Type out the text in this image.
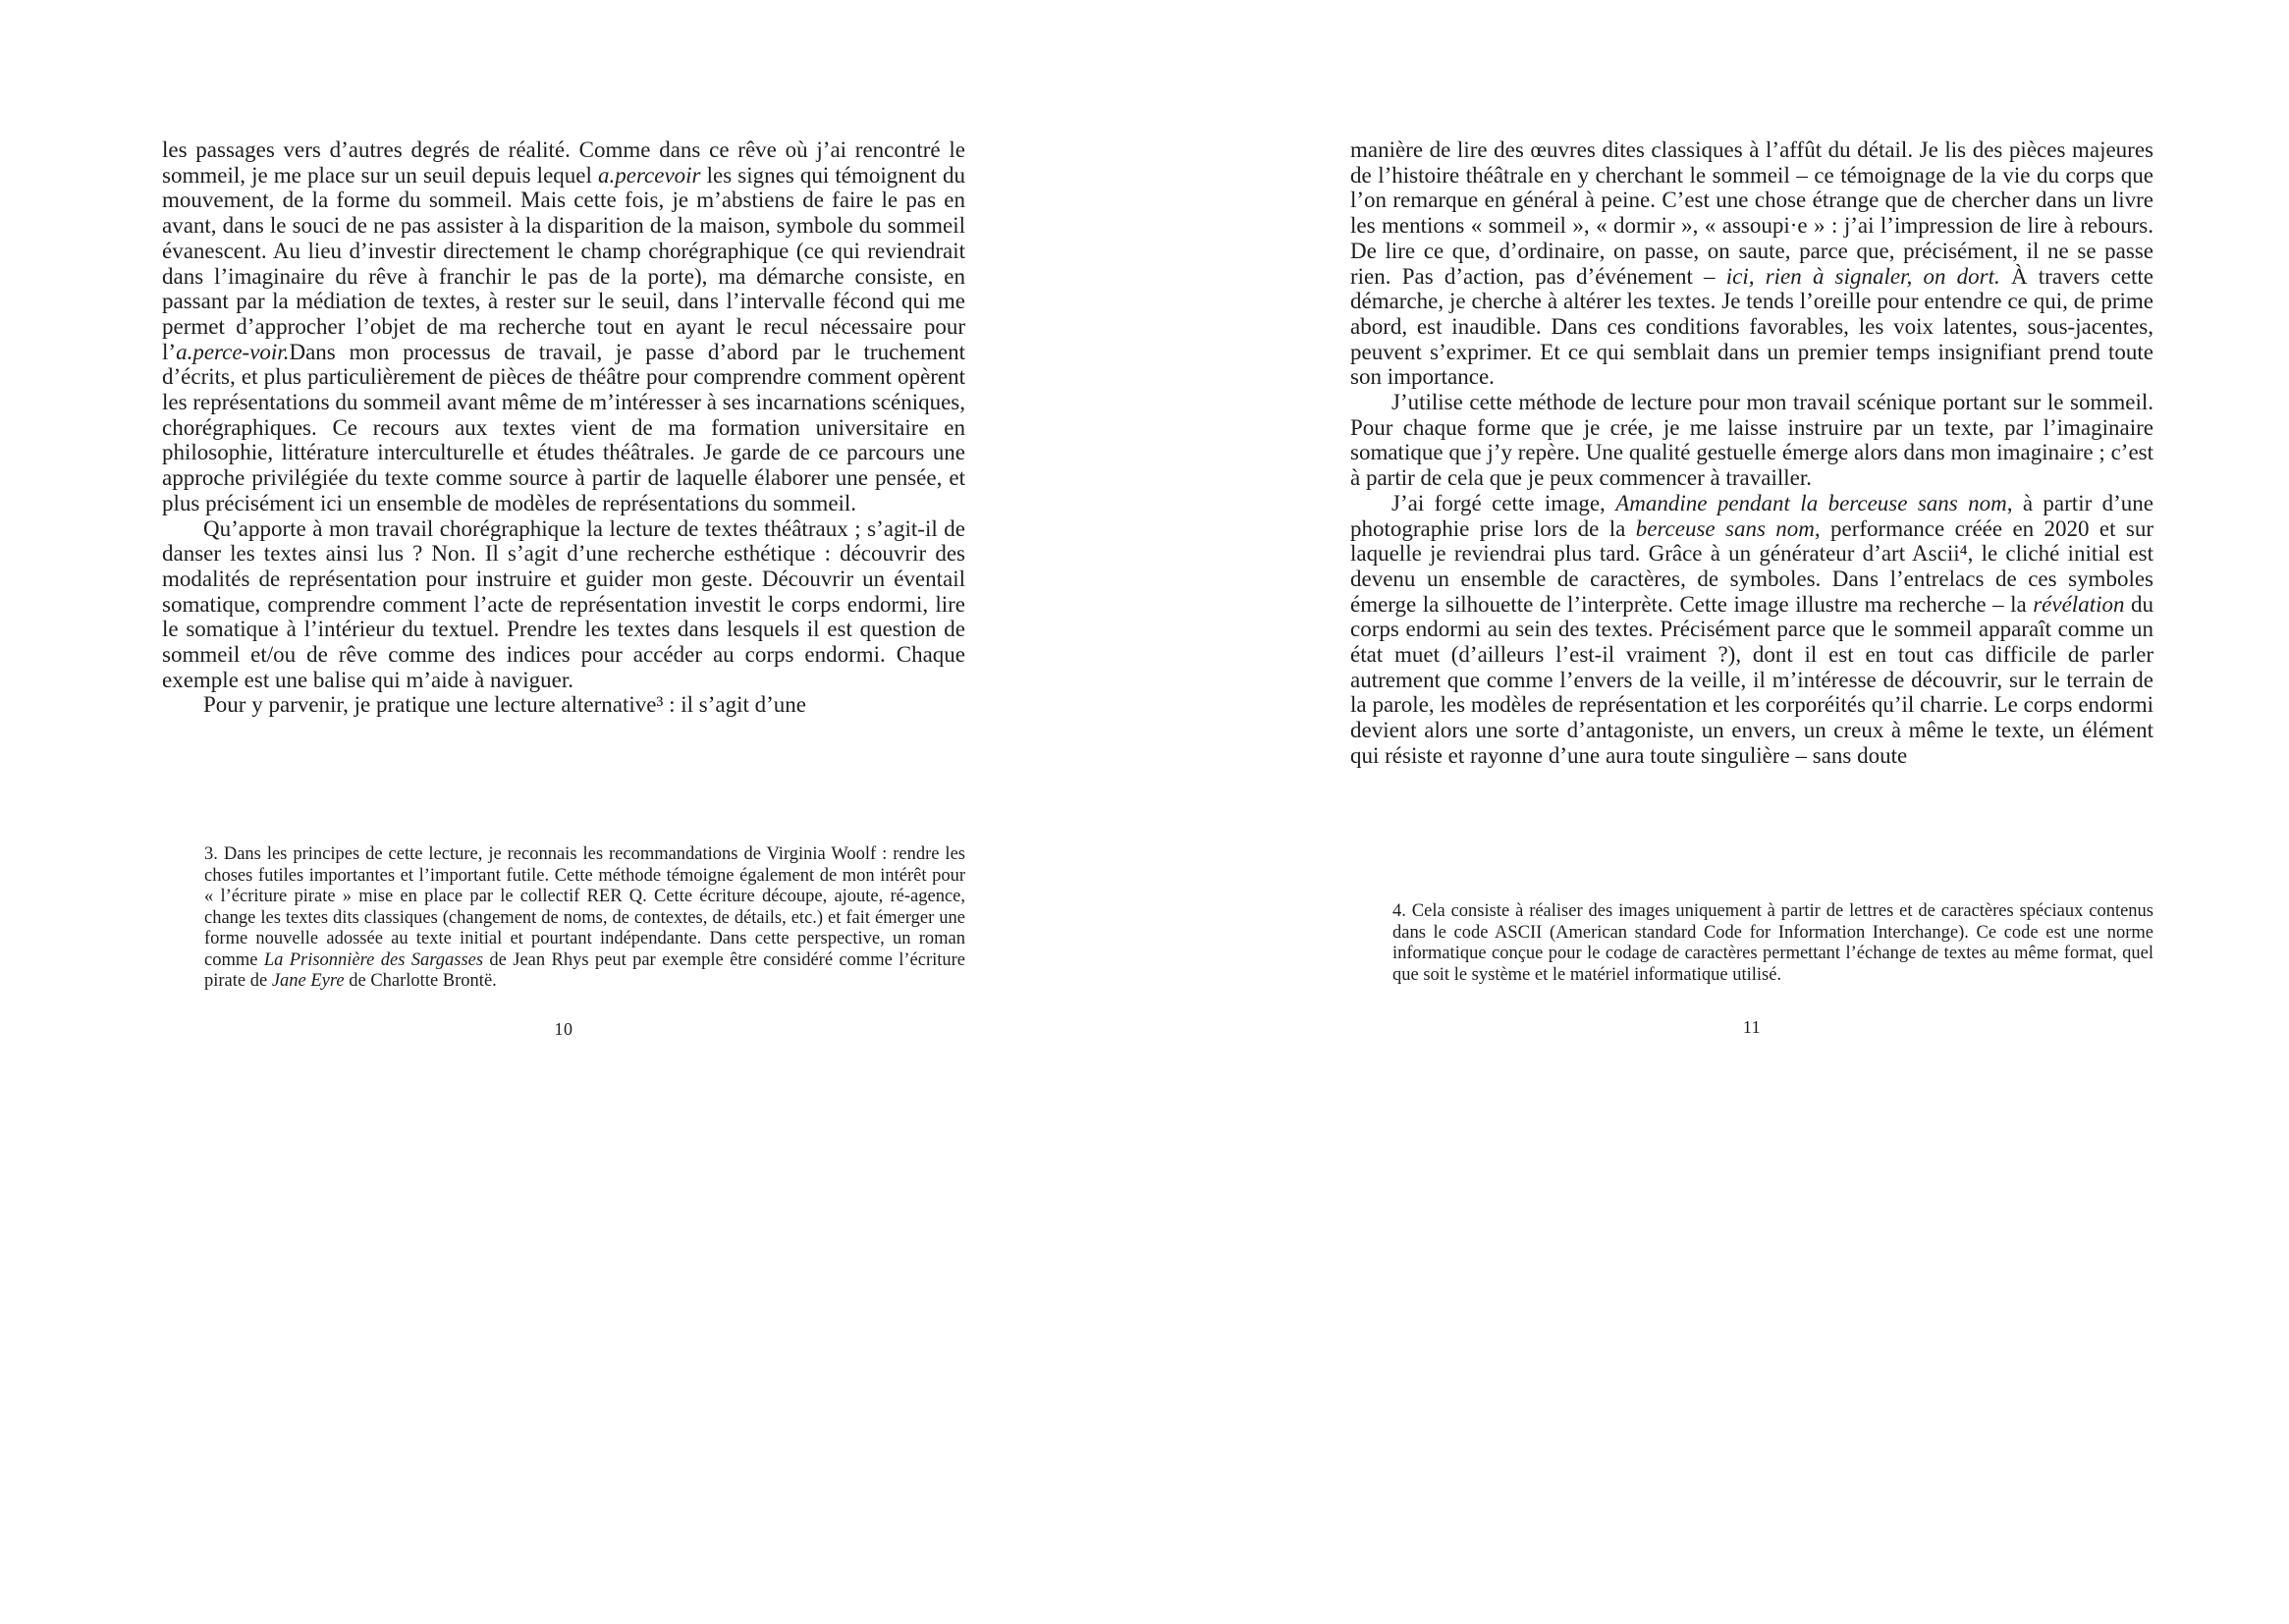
les passages vers d’autres degrés de réalité. Comme dans ce rêve où j’ai rencontré le sommeil, je me place sur un seuil depuis lequel a.percevoir les signes qui témoignent du mouvement, de la forme du sommeil. Mais cette fois, je m’abstiens de faire le pas en avant, dans le souci de ne pas assister à la disparition de la maison, symbole du sommeil évanescent. Au lieu d’investir directement le champ chorégraphique (ce qui reviendrait dans l’imaginaire du rêve à franchir le pas de la porte), ma démarche consiste, en passant par la médiation de textes, à rester sur le seuil, dans l’intervalle fécond qui me permet d’approcher l’objet de ma recherche tout en ayant le recul nécessaire pour l’a.perce-voir.Dans mon processus de travail, je passe d’abord par le truchement d’écrits, et plus particulièrement de pièces de théâtre pour comprendre comment opèrent les représentations du sommeil avant même de m’intéresser à ses incarnations scéniques, chorégraphiques. Ce recours aux textes vient de ma formation universitaire en philosophie, littérature interculturelle et études théâtrales. Je garde de ce parcours une approche privilégiée du texte comme source à partir de laquelle élaborer une pensée, et plus précisément ici un ensemble de modèles de représentations du sommeil.

Qu’apporte à mon travail chorégraphique la lecture de textes théâtraux ; s’agit-il de danser les textes ainsi lus ? Non. Il s’agit d’une recherche esthétique : découvrir des modalités de représentation pour instruire et guider mon geste. Découvrir un éventail somatique, comprendre comment l’acte de représentation investit le corps endormi, lire le somatique à l’intérieur du textuel. Prendre les textes dans lesquels il est question de sommeil et/ou de rêve comme des indices pour accéder au corps endormi. Chaque exemple est une balise qui m’aide à naviguer.

Pour y parvenir, je pratique une lecture alternative³ : il s’agit d’une

3. Dans les principes de cette lecture, je reconnais les recommandations de Virginia Woolf : rendre les choses futiles importantes et l’important futile. Cette méthode témoigne également de mon intérêt pour « l’écriture pirate » mise en place par le collectif RER Q. Cette écriture découpe, ajoute, ré-agence, change les textes dits classiques (changement de noms, de contextes, de détails, etc.) et fait émerger une forme nouvelle adossée au texte initial et pourtant indépendante. Dans cette perspective, un roman comme La Prisonnière des Sargasses de Jean Rhys peut par exemple être considéré comme l’écriture pirate de Jane Eyre de Charlotte Brontë.

10

manière de lire des œuvres dites classiques à l’affût du détail. Je lis des pièces majeures de l’histoire théâtrale en y cherchant le sommeil – ce témoignage de la vie du corps que l’on remarque en général à peine. C’est une chose étrange que de chercher dans un livre les mentions « sommeil », « dormir », « assoupi·e » : j’ai l’impression de lire à rebours. De lire ce que, d’ordinaire, on passe, on saute, parce que, précisément, il ne se passe rien. Pas d’action, pas d’événement – ici, rien à signaler, on dort. À travers cette démarche, je cherche à altérer les textes. Je tends l’oreille pour entendre ce qui, de prime abord, est inaudible. Dans ces conditions favorables, les voix latentes, sous-jacentes, peuvent s’exprimer. Et ce qui semblait dans un premier temps insignifiant prend toute son importance.

J’utilise cette méthode de lecture pour mon travail scénique portant sur le sommeil. Pour chaque forme que je crée, je me laisse instruire par un texte, par l’imaginaire somatique que j’y repère. Une qualité gestuelle émerge alors dans mon imaginaire ; c’est à partir de cela que je peux commencer à travailler.

J’ai forgé cette image, Amandine pendant la berceuse sans nom, à partir d’une photographie prise lors de la berceuse sans nom, performance créée en 2020 et sur laquelle je reviendrai plus tard. Grâce à un générateur d’art Ascii⁴, le cliché initial est devenu un ensemble de caractères, de symboles. Dans l’entrelacs de ces symboles émerge la silhouette de l’interprète. Cette image illustre ma recherche – la révélation du corps endormi au sein des textes. Précisément parce que le sommeil apparaît comme un état muet (d’ailleurs l’est-il vraiment ?), dont il est en tout cas difficile de parler autrement que comme l’envers de la veille, il m’intéresse de découvrir, sur le terrain de la parole, les modèles de représentation et les corporéités qu’il charrie. Le corps endormi devient alors une sorte d’antagoniste, un envers, un creux à même le texte, un élément qui résiste et rayonne d’une aura toute singulière – sans doute

4. Cela consiste à réaliser des images uniquement à partir de lettres et de caractères spéciaux contenus dans le code ASCII (American standard Code for Information Interchange). Ce code est une norme informatique conçue pour le codage de caractères permettant l’échange de textes au même format, quel que soit le système et le matériel informatique utilisé.

11
